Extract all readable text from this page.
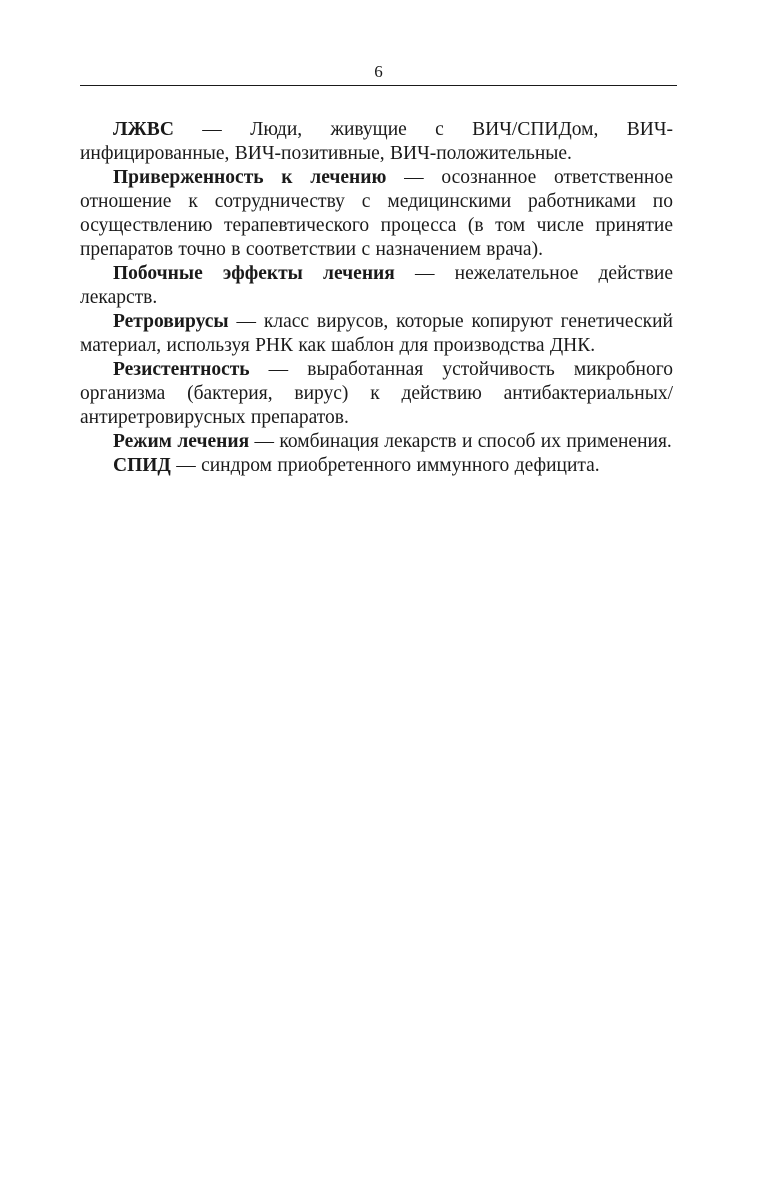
6

ЛЖВС — Люди, живущие с ВИЧ/СПИДом, ВИЧ-инфицированные, ВИЧ-позитивные, ВИЧ-положительные.

Приверженность к лечению — осознанное ответственное отношение к сотрудничеству с медицинскими работниками по осуществлению терапевтического процесса (в том числе принятие препаратов точно в соответствии с назначением врача).

Побочные эффекты лечения — нежелательное действие лекарств.

Ретровирусы — класс вирусов, которые копируют генетический материал, используя РНК как шаблон для производства ДНК.

Резистентность — выработанная устойчивость микробного организма (бактерия, вирус) к действию антибактериальных/антиретровирусных препаратов.

Режим лечения — комбинация лекарств и способ их применения.

СПИД — синдром приобретенного иммунного дефицита.
